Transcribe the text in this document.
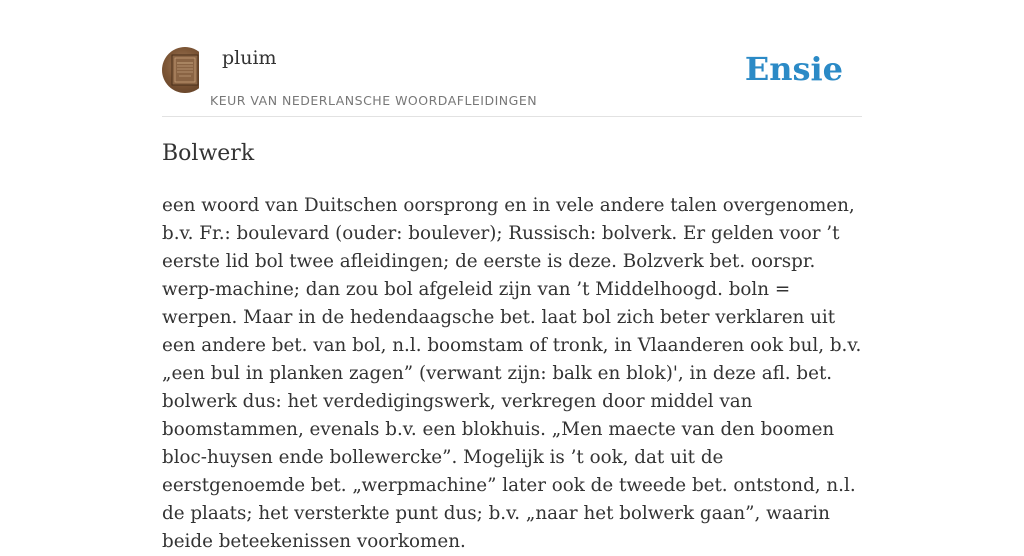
pluim

KEUR VAN NEDERLANSCHE WOORDAFLEIDINGEN
Ensie
Bolwerk

een woord van Duitschen oorsprong en in vele andere talen overgenomen, b.v. Fr.: boulevard (ouder: boulever); Russisch: bolverk. Er gelden voor ’t eerste lid bol twee afleidingen; de eerste is deze. Bolzverk bet. oorspr. werp-machine; dan zou bol afgeleid zijn van ’t Middelhoogd. boln = werpen. Maar in de hedendaagsche bet. laat bol zich beter verklaren uit een andere bet. van bol, n.l. boomstam of tronk, in Vlaanderen ook bul, b.v. „een bul in planken zagen” (verwant zijn: balk en blok)', in deze afl. bet. bolwerk dus: het verdedigingswerk, verkregen door middel van boomstammen, evenals b.v. een blokhuis. „Men maecte van den boomen bloc-huysen ende bollewercke”. Mogelijk is ’t ook, dat uit de eerstgenoemde bet. „werpmachine” later ook de tweede bet. ontstond, n.l. de plaats; het versterkte punt dus; b.v. „naar het bolwerk gaan”, waarin beide beteekenissen voorkomen.
